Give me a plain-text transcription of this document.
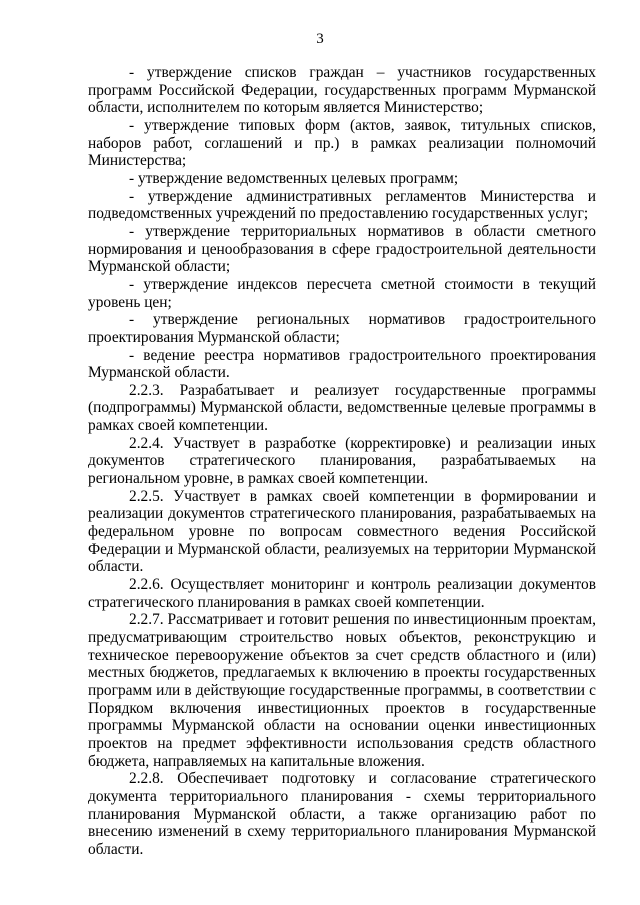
3

- утверждение списков граждан – участников государственных программ Российской Федерации, государственных программ Мурманской области, исполнителем по которым является Министерство;

- утверждение типовых форм (актов, заявок, титульных списков, наборов работ, соглашений и пр.) в рамках реализации полномочий Министерства;

- утверждение ведомственных целевых программ;

- утверждение административных регламентов Министерства и подведомственных учреждений по предоставлению государственных услуг;

- утверждение территориальных нормативов в области сметного нормирования и ценообразования в сфере градостроительной деятельности Мурманской области;

- утверждение индексов пересчета сметной стоимости в текущий уровень цен;

- утверждение региональных нормативов градостроительного проектирования Мурманской области;

- ведение реестра нормативов градостроительного проектирования Мурманской области.

2.2.3. Разрабатывает и реализует государственные программы (подпрограммы) Мурманской области, ведомственные целевые программы в рамках своей компетенции.

2.2.4. Участвует в разработке (корректировке) и реализации иных документов стратегического планирования, разрабатываемых на региональном уровне, в рамках своей компетенции.

2.2.5. Участвует в рамках своей компетенции в формировании и реализации документов стратегического планирования, разрабатываемых на федеральном уровне по вопросам совместного ведения Российской Федерации и Мурманской области, реализуемых на территории Мурманской области.

2.2.6. Осуществляет мониторинг и контроль реализации документов стратегического планирования в рамках своей компетенции.

2.2.7. Рассматривает и готовит решения по инвестиционным проектам, предусматривающим строительство новых объектов, реконструкцию и техническое перевооружение объектов за счет средств областного и (или) местных бюджетов, предлагаемых к включению в проекты государственных программ или в действующие государственные программы, в соответствии с Порядком включения инвестиционных проектов в государственные программы Мурманской области на основании оценки инвестиционных проектов на предмет эффективности использования средств областного бюджета, направляемых на капитальные вложения.

2.2.8. Обеспечивает подготовку и согласование стратегического документа территориального планирования - схемы территориального планирования Мурманской области, а также организацию работ по внесению изменений в схему территориального планирования Мурманской области.
